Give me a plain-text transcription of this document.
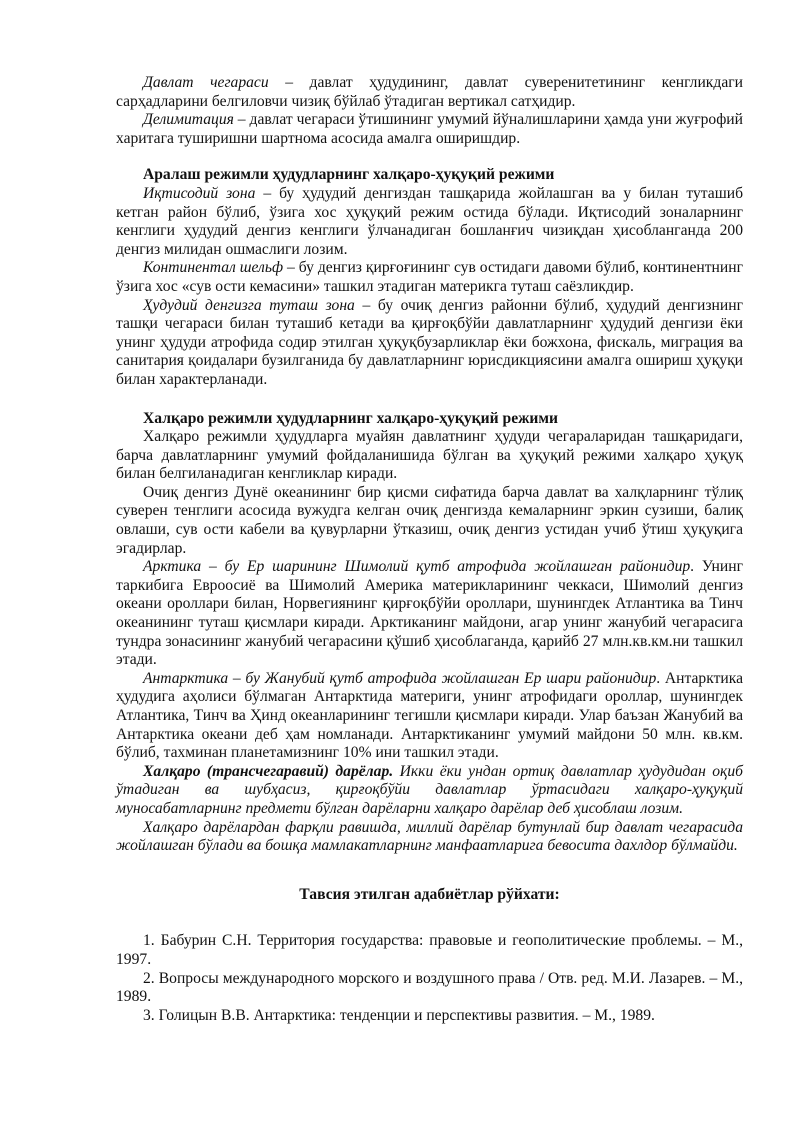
Давлат чегараси – давлат ҳудудининг, давлат суверенитетининг кенгликдаги сарҳадларини белгиловчи чизиқ бўйлаб ўтадиган вертикал сатҳидир.

Делимитация – давлат чегараси ўтишининг умумий йўналишларини ҳамда уни жуғрофий харитага туширишни шартнома асосида амалга оширишдир.

Аралаш режимли ҳудудларнинг халқаро-ҳуқуқий режими

Иқтисодий зона – бу ҳудудий денгиздан ташқарида жойлашган ва у билан туташиб кетган район бўлиб, ўзига хос ҳуқуқий режим остида бўлади. Иқтисодий зоналарнинг кенглиги ҳудудий денгиз кенглиги ўлчанадиган бошланғич чизиқдан ҳисоблангандa 200 денгиз милидан ошмаслиги лозим.

Континентал шельф – бу денгиз қирғоғининг сув остидаги давоми бўлиб, континентнинг ўзига хос «сув ости кемасини» ташкил этадиган материкга туташ саёзликдир.

Ҳудудий денгизга туташ зона – бу очиқ денгиз районни бўлиб, ҳудудий денгизнинг ташқи чегараси билан туташиб кетади ва қирғоқбўйи давлатларнинг ҳудудий денгизи ёки унинг ҳудуди атрофида содир этилган ҳуқуқбузарликлар ёки божхона, фискаль, миграция ва санитария қоидалари бузилганида бу давлатларнинг юрисдикциясини амалга ошириш ҳуқуқи билан характерланади.

Халқаро режимли ҳудудларнинг халқаро-ҳуқуқий режими

Халқаро режимли ҳудудларга муайян давлатнинг ҳудуди чегараларидан ташқаридаги, барча давлатларнинг умумий фойдаланишида бўлган ва ҳуқуқий режими халқаро ҳуқуқ билан белгиланадиган кенгликлар киради.

Очиқ денгиз Дунё океанининг бир қисми сифатида барча давлат ва халқларнинг тўлиқ суверен тенглиги асосида вужудга келган очиқ денгизда кемаларнинг эркин сузиши, балиқ овлаши, сув ости кабели ва қувурларни ўтказиш, очиқ денгиз устидан учиб ўтиш ҳуқуқига эгадирлар.

Арктика – бу Ер шарининг Шимолий қутб атрофида жойлашган районидир. Унинг таркибига Евроосиё ва Шимолий Америка материкларининг чеккаси, Шимолий денгиз океани ороллари билан, Норвегиянинг қирғоқбўйи ороллари, шунингдек Атлантика ва Тинч океанининг туташ қисмлари киради. Арктиканинг майдони, агар унинг жанубий чегарасига тундра зонасининг жанубий чегарасини қўшиб ҳисоблаганда, қарийб 27 млн.кв.км.ни ташкил этади.

Антарктика – бу Жанубий қутб атрофида жойлашган Ер шари районидир. Антарктика ҳудудига аҳолиси бўлмаган Антарктида материги, унинг атрофидаги ороллар, шунингдек Атлантика, Тинч ва Ҳинд океанларининг тегишли қисмлари киради. Улар баъзан Жанубий ва Антарктика океани деб ҳам номланади. Антарктиканинг умумий майдони 50 млн. кв.км. бўлиб, тахминан планетамизнинг 10% ини ташкил этади.

Халқаро (трансчегаравий) дарёлар. Икки ёки ундан ортиқ давлатлар ҳудудидан оқиб ўтадиган ва шубҳасиз, қирғоқбўйи давлатлар ўртасидаги халқаро-ҳуқуқий муносабатларнинг предмети бўлган дарёларни халқаро дарёлар деб ҳисоблаш лозим.

Халқаро дарёлардан фарқли равишда, миллий дарёлар бутунлай бир давлат чегарасида жойлашган бўлади ва бошқа мамлакатларнинг манфаатларига бевосита дахлдор бўлмайди.

Тавсия этилган адабиётлар рўйхати:

1. Бабурин С.Н. Территория государства: правовые и геополитические проблемы. – М., 1997.

2. Вопросы международного морского и воздушного права / Отв. ред. М.И. Лазарев. – М., 1989.

3. Голицын В.В. Антарктика: тенденции и перспективы развития. – М., 1989.
